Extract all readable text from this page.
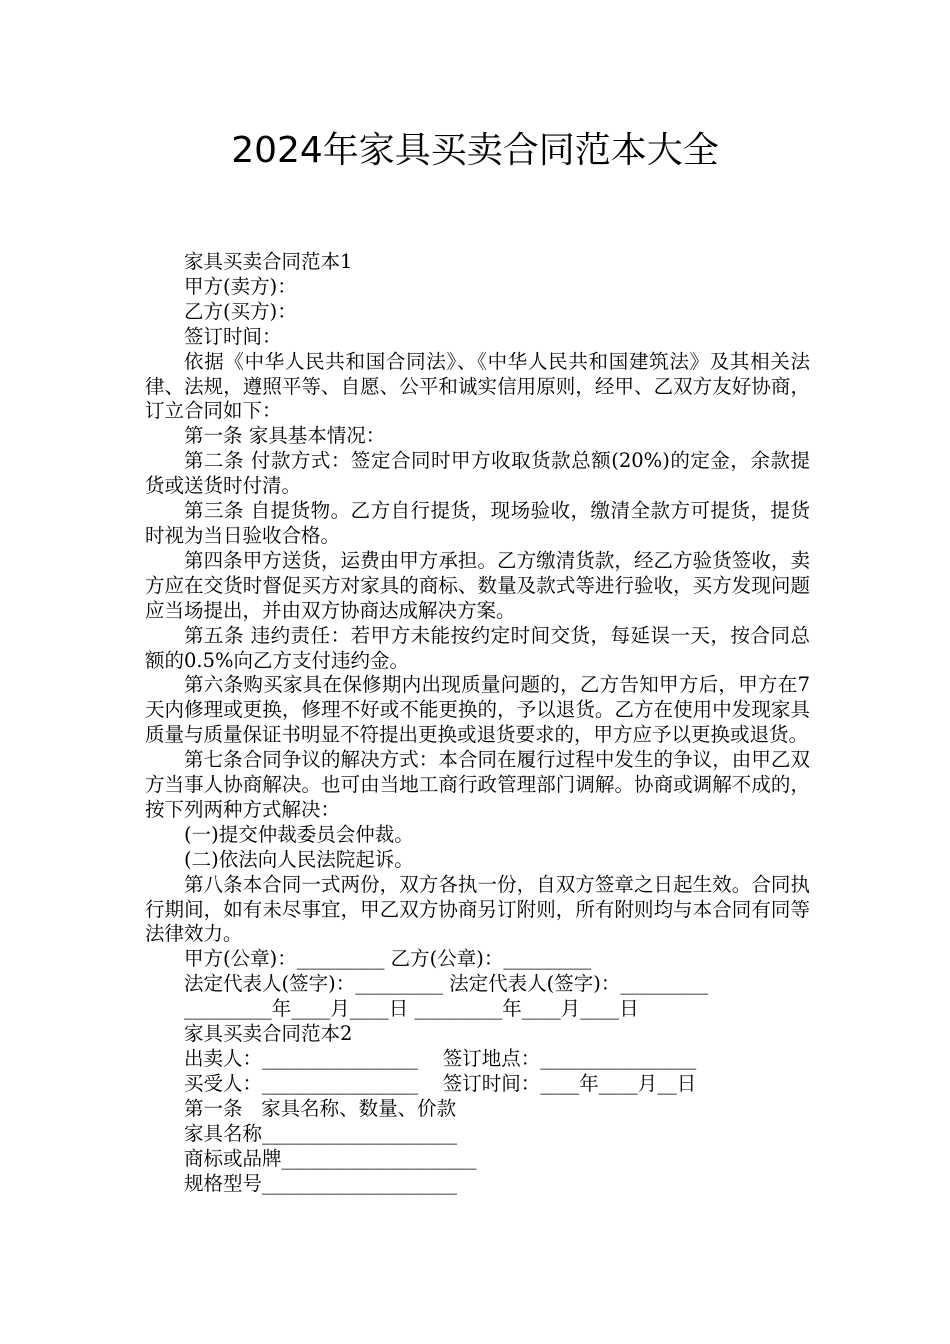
2024年家具买卖合同范本大全
家具买卖合同范本1
甲方(卖方)：
乙方(买方)：
签订时间：
依据《中华人民共和国合同法》、《中华人民共和国建筑法》及其相关法律、法规，遵照平等、自愿、公平和诚实信用原则，经甲、乙双方友好协商，订立合同如下：
第一条 家具基本情况：
第二条 付款方式：签定合同时甲方收取货款总额(20%)的定金，余款提货或送货时付清。
第三条 自提货物。乙方自行提货，现场验收，缴清全款方可提货，提货时视为当日验收合格。
第四条甲方送货，运费由甲方承担。乙方缴清货款，经乙方验货签收，卖方应在交货时督促买方对家具的商标、数量及款式等进行验收，买方发现问题应当场提出，并由双方协商达成解决方案。
第五条 违约责任：若甲方未能按约定时间交货，每延误一天，按合同总额的0.5%向乙方支付违约金。
第六条购买家具在保修期内出现质量问题的，乙方告知甲方后，甲方在7天内修理或更换，修理不好或不能更换的，予以退货。乙方在使用中发现家具质量与质量保证书明显不符提出更换或退货要求的，甲方应予以更换或退货。
第七条合同争议的解决方式：本合同在履行过程中发生的争议，由甲乙双方当事人协商解决。也可由当地工商行政管理部门调解。协商或调解不成的，按下列两种方式解决：
(一)提交仲裁委员会仲裁。
(二)依法向人民法院起诉。
第八条本合同一式两份，双方各执一份，自双方签章之日起生效。合同执行期间，如有未尽事宜，甲乙双方协商另订附则，所有附则均与本合同有同等法律效力。
甲方(公章)：_________ 乙方(公章)：_________
法定代表人(签字)：_________ 法定代表人(签字)：_________
_________年____月____日 _________年____月____日
家具买卖合同范本2
出卖人：________________    签订地点：________________
买受人：________________    签订时间：____年____月__日
第一条   家具名称、数量、价款
家具名称____________________
商标或品牌____________________
规格型号____________________
